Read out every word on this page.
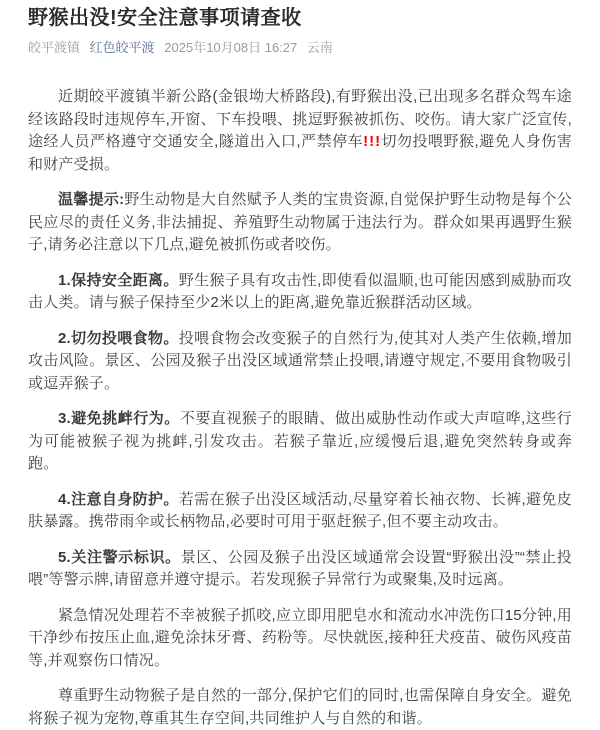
野猴出没!安全注意事项请查收
皎平渡镇 红色皎平渡 2025年10月08日 16:27 云南

近期皎平渡镇半新公路(金银坳大桥路段),有野猴出没,已出现多名群众驾车途经该路段时违规停车,开窗、下车投喂、挑逗野猴被抓伤、咬伤。请大家广泛宣传,途经人员严格遵守交通安全,隧道出入口,严禁停车!!!切勿投喂野猴,避免人身伤害和财产受损。

温馨提示:野生动物是大自然赋予人类的宝贵资源,自觉保护野生动物是每个公民应尽的责任义务,非法捕捉、养殖野生动物属于违法行为。群众如果再遇野生猴子,请务必注意以下几点,避免被抓伤或者咬伤。

1.保持安全距离。野生猴子具有攻击性,即使看似温顺,也可能因感到威胁而攻击人类。请与猴子保持至少2米以上的距离,避免靠近猴群活动区域。

2.切勿投喂食物。投喂食物会改变猴子的自然行为,使其对人类产生依赖,增加攻击风险。景区、公园及猴子出没区域通常禁止投喂,请遵守规定,不要用食物吸引或逗弄猴子。

3.避免挑衅行为。不要直视猴子的眼睛、做出威胁性动作或大声喧哗,这些行为可能被猴子视为挑衅,引发攻击。若猴子靠近,应缓慢后退,避免突然转身或奔跑。

4.注意自身防护。若需在猴子出没区域活动,尽量穿着长袖衣物、长裤,避免皮肤暴露。携带雨伞或长柄物品,必要时可用于驱赶猴子,但不要主动攻击。

5.关注警示标识。景区、公园及猴子出没区域通常会设置“野猴出没”“禁止投喂”等警示牌,请留意并遵守提示。若发现猴子异常行为或聚集,及时远离。

紧急情况处理若不幸被猴子抓咬,应立即用肥皂水和流动水冲洗伤口15分钟,用干净纱布按压止血,避免涂抹牙膏、药粉等。尽快就医,接种狂犬疫苗、破伤风疫苗等,并观察伤口情况。

尊重野生动物猴子是自然的一部分,保护它们的同时,也需保障自身安全。避免将猴子视为宠物,尊重其生存空间,共同维护人与自然的和谐。
